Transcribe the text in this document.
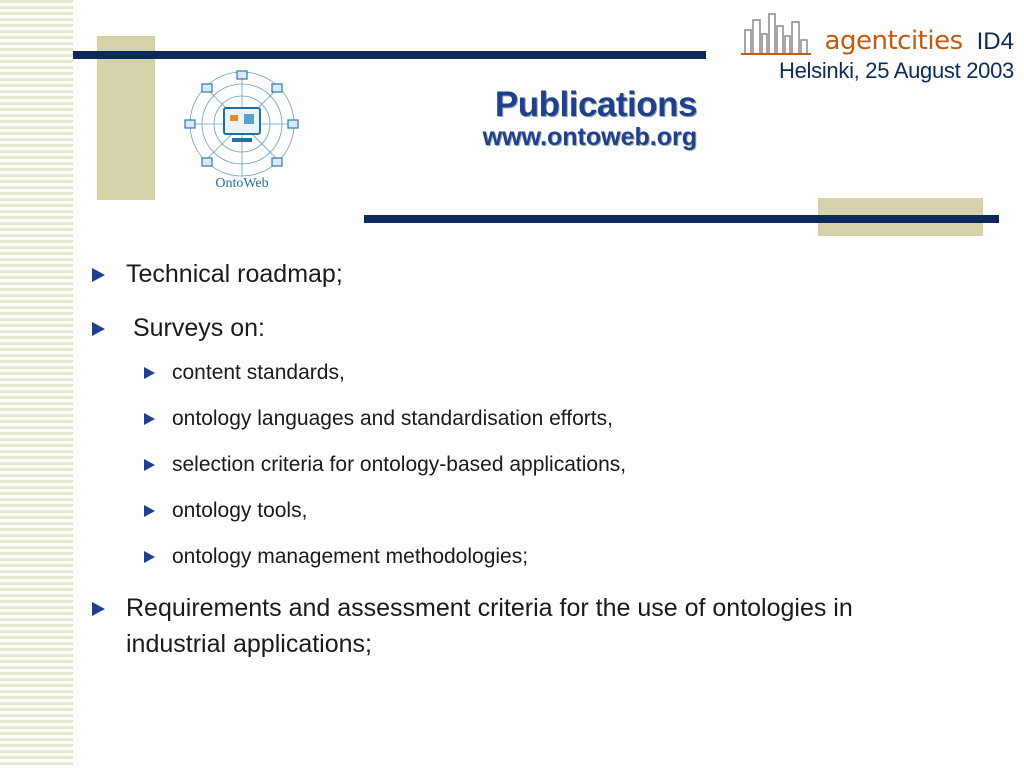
OntoWeb
Publications
www.ontoweb.org
agentcities ID4
Helsinki, 25 August 2003
Technical roadmap;
Surveys on:
content standards,
ontology languages and standardisation efforts,
selection criteria for ontology-based applications,
ontology tools,
ontology management methodologies;
Requirements and assessment criteria for the use of ontologies in industrial applications;
